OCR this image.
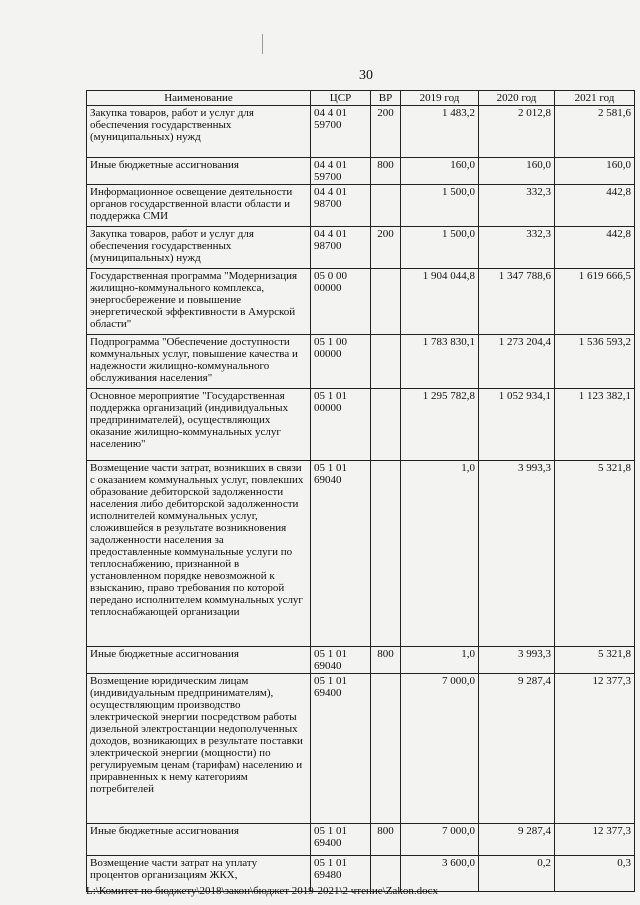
30
Наименование	ЦСР	ВР	2019 год	2020 год	2021 год
Закупка товаров, работ и услуг для обеспечения государственных (муниципальных) нужд	04 4 01 59700	200	1 483,2	2 012,8	2 581,6
Иные бюджетные ассигнования	04 4 01 59700	800	160,0	160,0	160,0
Информационное освещение деятельности органов государственной власти области и поддержка СМИ	04 4 01 98700		1 500,0	332,3	442,8
Закупка товаров, работ и услуг для обеспечения государственных (муниципальных) нужд	04 4 01 98700	200	1 500,0	332,3	442,8
Государственная программа "Модернизация жилищно-коммунального комплекса, энергосбережение и повышение энергетической эффективности в Амурской области"	05 0 00 00000		1 904 044,8	1 347 788,6	1 619 666,5
Подпрограмма "Обеспечение доступности коммунальных услуг, повышение качества и надежности жилищно-коммунального обслуживания населения"	05 1 00 00000		1 783 830,1	1 273 204,4	1 536 593,2
Основное мероприятие "Государственная поддержка организаций (индивидуальных предпринимателей), осуществляющих оказание жилищно-коммунальных услуг населению"	05 1 01 00000		1 295 782,8	1 052 934,1	1 123 382,1
Возмещение части затрат, возникших в связи с оказанием коммунальных услуг, повлекших образование дебиторской задолженности населения либо дебиторской задолженности исполнителей коммунальных услуг, сложившейся в результате возникновения задолженности населения за предоставленные коммунальные услуги по теплоснабжению, признанной в установленном порядке невозможной к взысканию, право требования по которой передано исполнителем коммунальных услуг теплоснабжающей организации	05 1 01 69040		1,0	3 993,3	5 321,8
Иные бюджетные ассигнования	05 1 01 69040	800	1,0	3 993,3	5 321,8
Возмещение юридическим лицам (индивидуальным предпринимателям), осуществляющим производство электрической энергии посредством работы дизельной электростанции недополученных доходов, возникающих в результате поставки электрической энергии (мощности) по регулируемым ценам (тарифам) населению и приравненных к нему категориям потребителей	05 1 01 69400		7 000,0	9 287,4	12 377,3
Иные бюджетные ассигнования	05 1 01 69400	800	7 000,0	9 287,4	12 377,3
Возмещение части затрат на уплату процентов организациям ЖКХ,	05 1 01 69480		3 600,0	0,2	0,3
L:\Комитет по бюджету\2018\закон\бюджет 2019-2021\2 чтение\Zakon.docx
